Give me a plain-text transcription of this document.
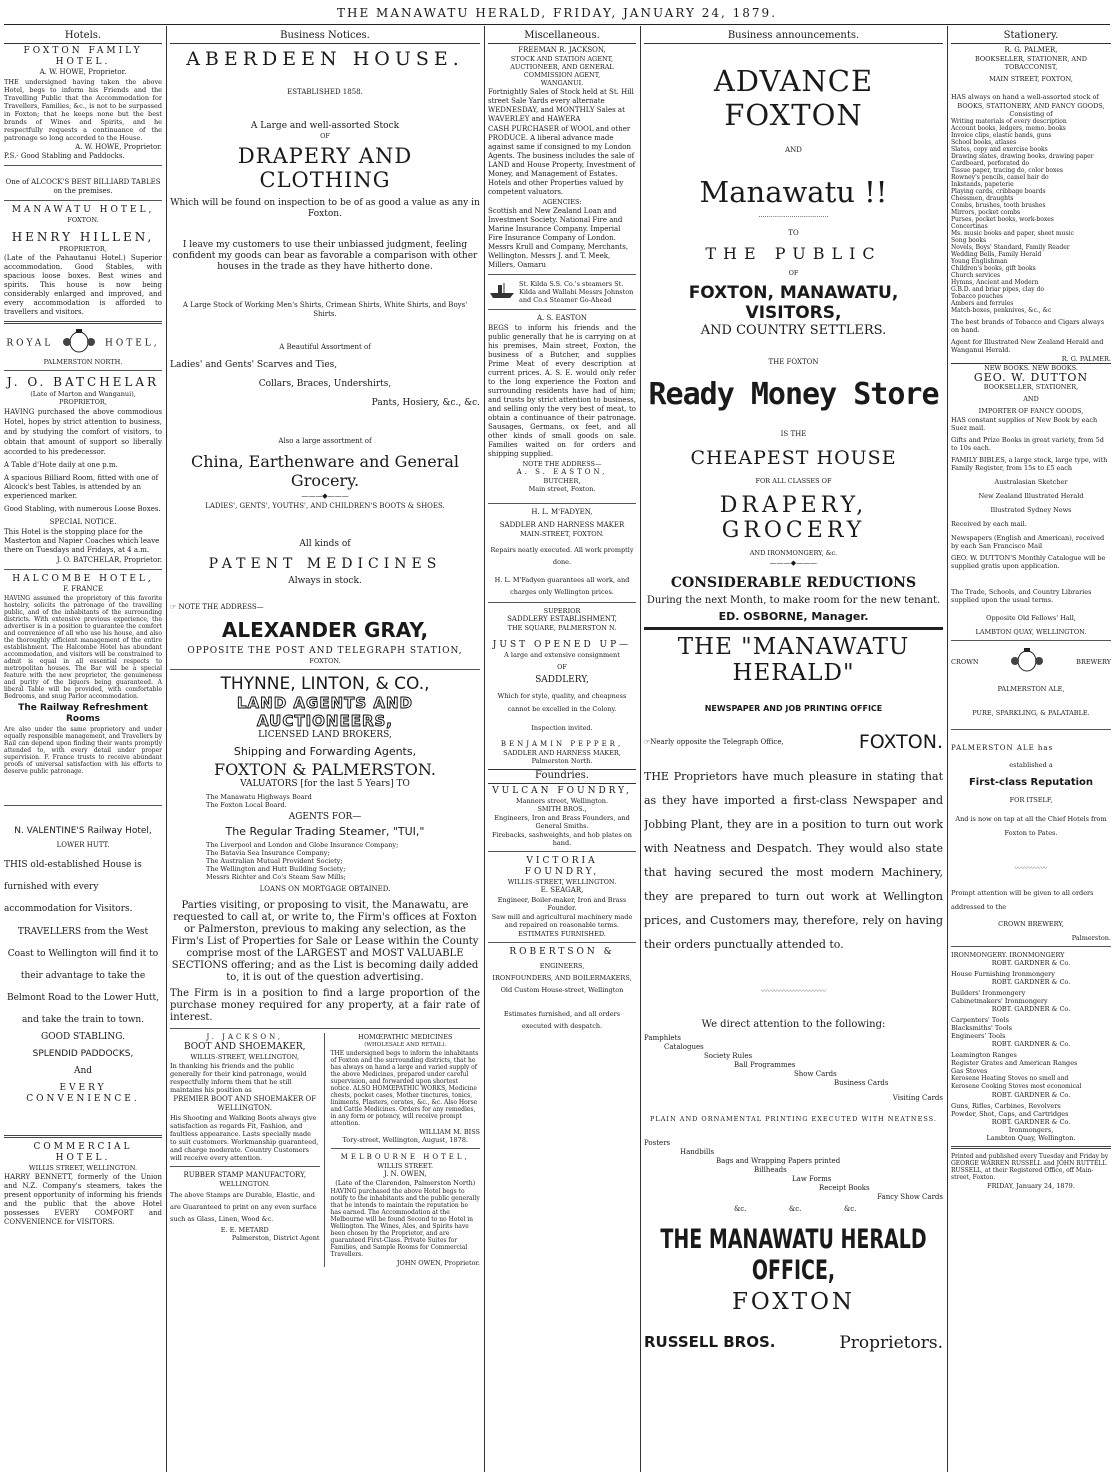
THE MANAWATU HERALD, FRIDAY, JANUARY 24, 1879.
Hotels.
FOXTON FAMILY HOTEL.
A. W. HOWE, Proprietor.

THE undersigned having taken the above Hotel, begs to inform his Friends and the Travelling Public that the Accommodation for Travellers, Families, &c., is not to be surpassed in Foxton; that he keeps none but the best brands of Wines and Spirits, and he respectfully requests a continuance of the patronage so long accorded to the House.

A. W. HOWE, Proprietor.
P.S.- Good Stabling and Paddocks.
One of ALCOCK'S BEST BILLIARD TABLES on the premises.
MANAWATU HOTEL,
FOXTON.
HENRY HILLEN,
PROPRIETOR,

(Late of the Pahautanui Hotel.) Superior accommodation. Good Stables, with spacious loose boxes. Best wines and spirits. This house is now being considerably enlarged and improved, and every accommodation is afforded to travellers and visitors.

ROYAL	HOTEL,
PALMERSTON NORTH.
J. O. BATCHELAR
(Late of Marton and Wanganui),
PROPRIETOR,

HAVING purchased the above commodious Hotel, hopes by strict attention to business, and by studying the comfort of visitors, to obtain that amount of support so liberally accorded to his predecessor.

A Table d'Hote daily at one p.m.

A spacious Billiard Room, fitted with one of Alcock's best Tables, is attended by an experienced marker.

Good Stabling, with numerous Loose Boxes.

SPECIAL NOTICE.

This Hotel is the stopping place for the Masterton and Napier Coaches which leave there on Tuesdays and Fridays, at 4 a.m.

J. O. BATCHELAR, Proprietor.
HALCOMBE HOTEL,
F. FRANCE

HAVING assumed the proprietory of this favorite hostelry, solicits the patronage of the travelling public, and of the inhabitants of the surrounding districts. With extensive previous experience, the advertiser is in a position to guarantee the comfort and convenience of all who use his house, and also the thoroughly efficient management of the entire establishment. The Halcombe Hotel has abundant accommodation, and visitors will be constrained to admit is equal in all essential respects to metropolitan houses. The Bar will be a special feature with the new proprietor, the genuineness and purity of the liquors being guaranteed. A liberal Table will be provided, with comfortable Bedrooms, and snug Parlor accommodation.

The Railway Refreshment Rooms

Are also under the same proprietory and under equally responsible management, and Travellers by Rail can depend upon finding their wants promptly attended to, with every detail under proper supervision. F. France trusts to receive abundant proofs of universal satisfaction with his efforts to deserve public patronage.

N. VALENTINE'S Railway Hotel,
LOWER HUTT.

THIS old-established House is furnished with every accommodation for Visitors.

TRAVELLERS from the West Coast to Wellington will find it to their advantage to take the Belmont Road to the Lower Hutt, and take the train to town.

GOOD STABLING.
SPLENDID PADDOCKS,
And
EVERY CONVENIENCE.
COMMERCIAL HOTEL.
WILLIS STREET, WELLINGTON.

HARRY BENNETT, formerly of the Union and N.Z. Company's steamers, takes the present opportunity of informing his friends and the public that the above Hotel possesses EVERY COMFORT and CONVENIENCE for VISITORS.

Business Notices.
ABERDEEN HOUSE.
ESTABLISHED 1858.
A Large and well-assorted Stock
OF
DRAPERY AND CLOTHING

Which will be found on inspection to be of as good a value as any in Foxton.

I leave my customers to use their unbiassed judgment, feeling confident my goods can bear as favorable a comparison with other houses in the trade as they have hitherto done.

A Large Stock of Working Men's Shirts, Crimean Shirts, White Shirts, and Boys' Shirts.

A Beautiful Assortment of
Ladies' and Gents' Scarves and Ties,
Collars, Braces, Undershirts,
Pants, Hosiery, &c., &c.
Also a large assortment of
China, Earthenware and General Grocery.
———◆———
LADIES', GENTS', YOUTHS', AND CHILDREN'S BOOTS & SHOES.
All kinds of
PATENT MEDICINES
Always in stock.
☞ NOTE THE ADDRESS—
ALEXANDER GRAY,
OPPOSITE THE POST AND TELEGRAPH STATION,
FOXTON.
THYNNE, LINTON, & CO.,
LAND AGENTS AND AUCTIONEERS,
LICENSED LAND BROKERS,
Shipping and Forwarding Agents,
FOXTON & PALMERSTON.
VALUATORS [for the last 5 Years] TO
The Manawatu Highways Board
The Foxton Local Board.
AGENTS FOR—
The Regular Trading Steamer, "TUI,"
The Liverpool and London and Globe Insurance Company;
The Batavia Sea Insurance Company;
The Australian Mutual Provident Society;
The Wellington and Hutt Building Society;
Messrs Richter and Co's Steam Saw Mills;
LOANS ON MORTGAGE OBTAINED.

Parties visiting, or proposing to visit, the Manawatu, are requested to call at, or write to, the Firm's offices at Foxton or Palmerston, previous to making any selection, as the Firm's List of Properties for Sale or Lease within the County comprise most of the LARGEST and MOST VALUABLE SECTIONS offering; and as the List is becoming daily added to, it is out of the question advertising.

The Firm is in a position to find a large proportion of the purchase money required for any property, at a fair rate of interest.

J. JACKSON,
BOOT AND SHOEMAKER,
WILLIS-STREET, WELLINGTON,

In thanking his friends and the public generally for their kind patronage, would respectfully inform them that he still maintains his position as

PREMIER BOOT AND SHOEMAKER OF WELLINGTON.

His Shooting and Walking Boots always give satisfaction as regards Fit, Fashion, and faultless appearance. Lasts specially made to suit customers. Workmanship guaranteed, and charge moderate. Country Customers will receive every attention.

RUBBER STAMP MANUFACTORY,
WELLINGTON.

The above Stamps are Durable, Elastic, and are Guaranteed to print on any even surface such as Glass, Linen, Wood &c.

E. E. METARD
Palmerston, District Agent
HOMŒPATHIC MEDICINES
(WHOLESALE AND RETAIL).

THE undersigned begs to inform the inhabitants of Foxton and the surrounding districts, that he has always on hand a large and varied supply of the above Medicines, prepared under careful supervision, and forwarded upon shortest notice. ALSO HOMŒPATHIC WORKS, Medicine chests, pocket cases, Mother tinctures, tonics, liniments, Plasters, cerates, &c., &c. Also Horse and Cattle Medicines. Orders for any remedies, in any form or potency, will receive prompt attention.

WILLIAM M. BISS
Tory-street, Wellington, August, 1878.
MELBOURNE HOTEL,
WILLIS STREET.
J. N. OWEN,
(Late of the Clarendon, Palmerston North)

HAVING purchased the above Hotel begs to notify to the inhabitants and the public generally that he intends to maintain the reputation he has earned. The Accommodation at the Melbourne will be found Second to no Hotel in Wellington. The Wines, Ales, and Spirits have been chosen by the Proprietor, and are guaranteed First-Class. Private Suites for Families, and Sample Rooms for Commercial Travellers.

JOHN OWEN, Proprietor.
Miscellaneous.
FREEMAN R. JACKSON,
STOCK AND STATION AGENT,
AUCTIONEER, AND GENERAL COMMISSION AGENT,
WANGANUI.

Fortnightly Sales of Stock held at St. Hill street Sale Yards every alternate WEDNESDAY, and MONTHLY Sales at WAVERLEY and HAWERA

CASH PURCHASER of WOOL and other PRODUCE. A liberal advance made against same if consigned to my London Agents. The business includes the sale of LAND and House Property, Investment of Money, and Management of Estates. Hotels and other Properties valued by competent valuators.

AGENCIES:

Scottish and New Zealand Loan and Investment Society. National Fire and Marine Insurance Company. Imperial Fire Insurance Company of London. Messrs Krull and Company, Merchants, Wellington. Messrs J. and T. Meek, Millers, Oamaru

St. Kilda S.S. Co.'s steamers St. Kilda and Wallabi Messrs Johnston and Co.s Steamer Go-Ahead

A. S. EASTON

BEGS to inform his friends and the public generally that he is carrying on at his premises, Main street, Foxton, the business of a Butcher, and supplies Prime Meat of every description at current prices. A. S. E. would only refer to the long experience the Foxton and surrounding residents have had of him; and trusts by strict attention to business, and selling only the very best of meat, to obtain a continuance of their patronage. Sausages, Germans, ox feet, and all other kinds of small goods on sale. Families waited on for orders and shipping supplied.

NOTE THE ADDRESS—
A. S. EASTON,
BUTCHER,
Main street, Foxton.
H. L. M'FADYEN,
SADDLER AND HARNESS MAKER
MAIN-STREET, FOXTON.

Repairs neatly executed. All work promptly done.

H. L. M'Fadyen guarantees all work, and charges only Wellington prices.

SUPERIOR
SADDLERY ESTABLISHMENT,
THE SQUARE, PALMERSTON N.
JUST OPENED UP—
A large and extensive consignment
OF
SADDLERY,

Which for style, quality, and cheapness cannot be excelled in the Colony.

Inspection invited.
BENJAMIN PEPPER,
SADDLER AND HARNESS MAKER,
Palmerston North.
Foundries.
VULCAN FOUNDRY,
Manners street, Wellington.
SMITH BROS.,

Engineers, Iron and Brass Founders, and General Smiths.

Firebacks, sashweights, and hob plates on hand.

VICTORIA FOUNDRY,
WILLIS-STREET, WELLINGTON.
E. SEAGAR,

Engineer, Boiler-maker, Iron and Brass Founder.

Saw mill and agricultural machinery made and repaired on reasonable terms.

ESTIMATES FURNISHED.
ROBERTSON &
ENGINEERS,
IRONFOUNDERS, AND BOILERMAKERS,
Old Custom House-street, Wellington

Estimates furnished, and all orders executed with despatch.

Business announcements.
ADVANCE FOXTON
AND
Manawatu !!
··································
TO
THE PUBLIC
OF
FOXTON, MANAWATU, VISITORS,
AND COUNTRY SETTLERS.
THE FOXTON
Ready Money Store
IS THE
CHEAPEST HOUSE
FOR ALL CLASSES OF
DRAPERY, GROCERY
AND IRONMONGERY, &c.
———◆———
CONSIDERABLE REDUCTIONS
During the next Month, to make room for the new tenant.
ED. OSBORNE, Manager.
THE "MANAWATU HERALD"
NEWSPAPER AND JOB PRINTING OFFICE
☞ Nearly opposite the Telegraph Office,	FOXTON.

THE Proprietors have much pleasure in stating that as they have imported a first-class Newspaper and Jobbing Plant, they are in a position to turn out work with Neatness and Despatch. They would also state that having secured the most modern Machinery, they are prepared to turn out work at Wellington prices, and Customers may, therefore, rely on having their orders punctually attended to.

〰〰〰〰〰〰〰〰〰〰
We direct attention to the following:
Pamphlets
Catalogues
Society Rules
Ball Programmes
Show Cards
Business Cards
Visiting Cards
PLAIN AND ORNAMENTAL PRINTING EXECUTED WITH NEATNESS.
Posters
Handbills
Bags and Wrapping Papers printed
Billheads
Law Forms
Receipt Books
Fancy Show Cards
&c.	&c.	&c.
THE MANAWATU HERALD OFFICE,
FOXTON
RUSSELL BROS.	Proprietors.
Stationery.
R. G. PALMER,
BOOKSELLER, STATIONER, AND TOBACCONIST,
MAIN STREET, FOXTON,

HAS always on hand a well-assorted stock of

BOOKS, STATIONERY, AND FANCY GOODS,
Consisting of
Writing materials of every description
Account books, ledgers, memo. books
Invoice clips, elastic bands, guns
School books, atlases
Slates, copy and exercise books
Drawing slates, drawing books, drawing paper
Cardboard, perforated do
Tissue paper, tracing do, color boxes
Rowney's pencils, camel hair do
Inkstands, papeterie
Playing cards, cribbage boards
Chessmen, draughts
Combs, brushes, tooth brushes
Mirrors, pocket combs
Purses, pocket books, work-boxes
Concertinas
Ms. music books and paper, sheet music
Song books
Novels, Boys' Standard, Family Reader
Wedding Bells, Family Herald
Young Englishman
Children's books, gift books
Church services
Hymns, Ancient and Modern
G.B.D. and briar pipes, clay do
Tobacco pouches
Ambers and ferrules
Match-boxes, penknives, &c., &c

The best brands of Tobacco and Cigars always on hand.

Agent for Illustrated New Zealand Herald and Wanganui Herald.

R. G. PALMER.
NEW BOOKS. NEW BOOKS.
GEO. W. DUTTON
BOOKSELLER, STATIONER,
AND
IMPORTER OF FANCY GOODS,

HAS constant supplies of New Book by each Suez mail.

Gifts and Prize Books in great variety, from 5d to 10s each.

FAMILY BIBLES, a large stock, large type, with Family Register, from 15s to £5 each

Australasian Sketcher
New Zealand Illustrated Herald
Illustrated Sydney News
Received by each mail.

Newspapers (English and American), received by each San Francisco Mail

GEO. W. DUTTON'S Monthly Catalogue will be supplied gratis upon application.

The Trade, Schools, and Country Libraries supplied upon the usual terms.

Opposite Old Fellows' Hall,
LAMBTON QUAY, WELLINGTON.
CROWN	BREWERY
PALMERSTON ALE,
PURE, SPARKLING, & PALATABLE.
PALMERSTON ALE has
established a
First-class Reputation
FOR ITSELF,

And is now on tap at all the Chief Hotels from Foxton to Pates.

〰〰〰〰〰

Prompt attention will be given to all orders addressed to the

CROWN BREWERY,
Palmerston.
IRONMONGERY. IRONMONGERY
ROBT. GARDNER & Co.
House Furnishing Ironmongery
ROBT. GARDNER & Co.
Builders' Ironmongery
Cabinetmakers' Ironmongery
ROBT. GARDNER & Co.
Carpenters' Tools
Blacksmiths' Tools
Engineers' Tools
ROBT. GARDNER & Co.
Leamington Ranges
Register Grates and American Ranges
Gas Stoves
Kerosene Heating Stoves no smell and
Kerosene Cooking Stoves most economical
ROBT. GARDNER & Co.
Guns, Rifles, Carbines, Revolvers
Powder, Shot, Caps, and Cartridges
ROBT. GARDNER & Co.
Ironmongers,
Lambton Quay, Wellington.

Printed and published every Tuesday and Friday by GEORGE WARREN RUSSELL and JOHN RUTTELL RUSSELL, at their Registered Office, off Main-street, Foxton.

FRIDAY, January 24, 1879.
